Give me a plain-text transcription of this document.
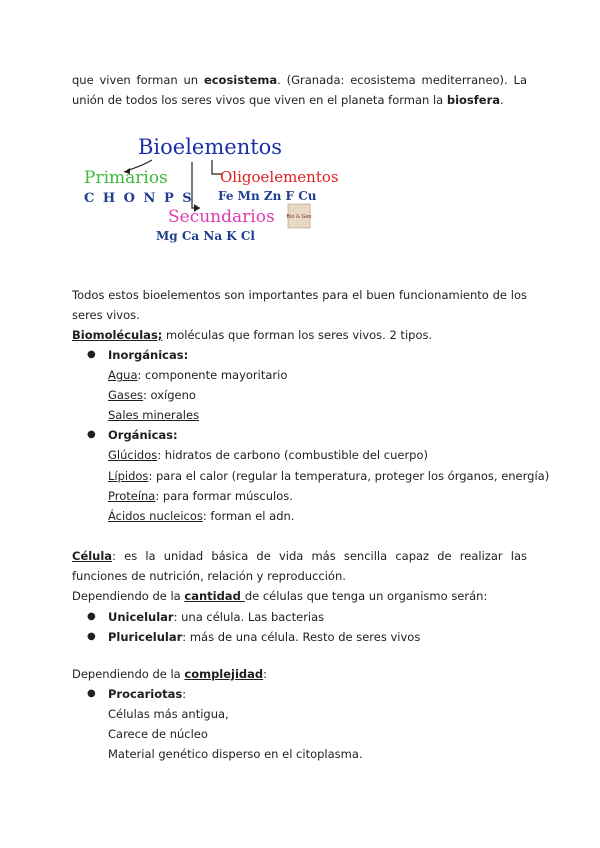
que viven forman un ecosistema. (Granada: ecosistema mediterraneo). La unión de todos los seres vivos que viven en el planeta forman la biosfera.
Bioelementos
Primarios
C H O N P S
Oligoelementos
Fe Mn Zn F Cu
Secundarios
Mg Ca Na K Cl
Bio & Geo
Todos estos bioelementos son importantes para el buen funcionamiento de los seres vivos.
Biomoléculas; moléculas que forman los seres vivos. 2 tipos.
● Inorgánicas:
Agua: componente mayoritario
Gases: oxígeno
Sales minerales
● Orgánicas:
Glúcidos: hidratos de carbono (combustible del cuerpo)
Lípidos: para el calor (regular la temperatura, proteger los órganos, energía)
Proteína: para formar músculos.
Ácidos nucleicos: forman el adn.
Célula: es la unidad básica de vida más sencilla capaz de realizar las funciones de nutrición, relación y reproducción.
Dependiendo de la cantidad de células que tenga un organismo serán:
● Unicelular: una célula. Las bacterias
● Pluricelular: más de una célula. Resto de seres vivos
Dependiendo de la complejidad:
● Procariotas:
Células más antigua,
Carece de núcleo
Material genético disperso en el citoplasma.
